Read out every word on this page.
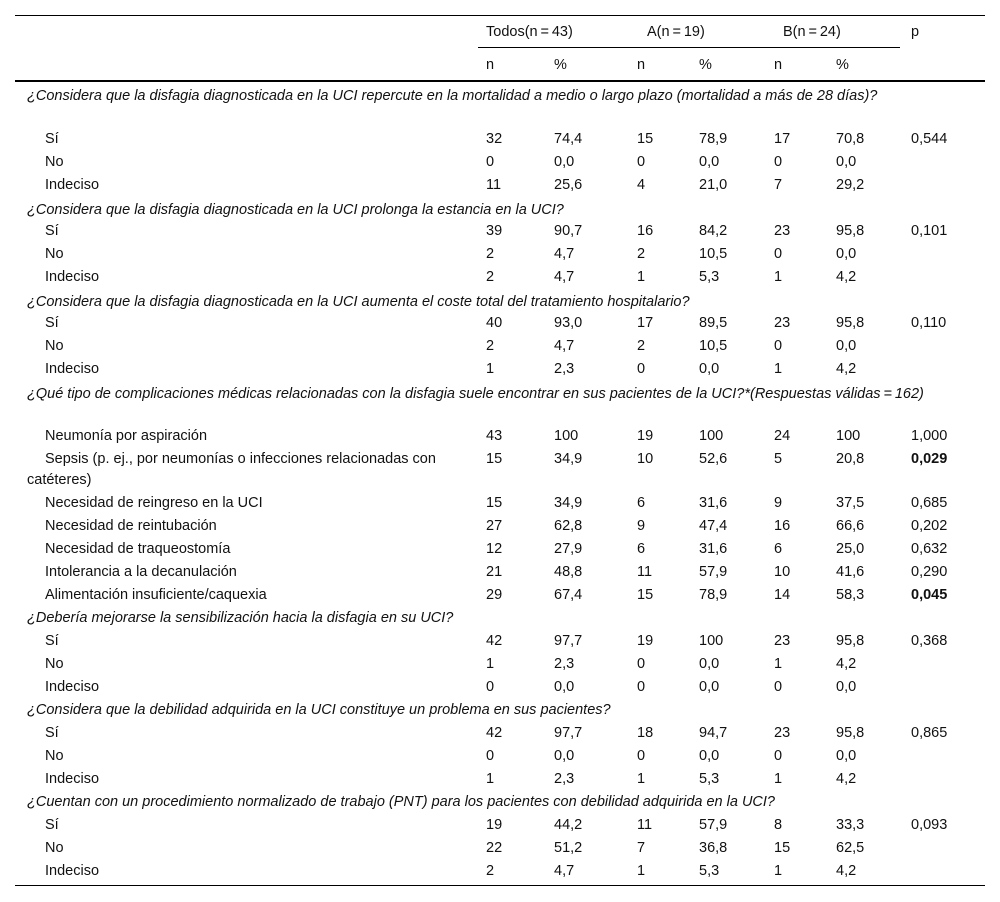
Todos(n = 43)	A(n = 19)	B(n = 24)	p
n	%	n	%	n	%
¿Considera que la disfagia diagnosticada en la UCI repercute en la mortalidad a medio o largo plazo (mortalidad a más de 28 días)?
Sí	32	74,4	15	78,9	17	70,8	0,544
No	0	0,0	0	0,0	0	0,0
Indeciso	11	25,6	4	21,0	7	29,2
¿Considera que la disfagia diagnosticada en la UCI prolonga la estancia en la UCI?
Sí	39	90,7	16	84,2	23	95,8	0,101
No	2	4,7	2	10,5	0	0,0
Indeciso	2	4,7	1	5,3	1	4,2
¿Considera que la disfagia diagnosticada en la UCI aumenta el coste total del tratamiento hospitalario?
Sí	40	93,0	17	89,5	23	95,8	0,110
No	2	4,7	2	10,5	0	0,0
Indeciso	1	2,3	0	0,0	1	4,2
¿Qué tipo de complicaciones médicas relacionadas con la disfagia suele encontrar en sus pacientes de la UCI?*(Respuestas válidas = 162)
Neumonía por aspiración	43	100	19	100	24	100	1,000
Sepsis (p. ej., por neumonías o infecciones relacionadas con catéteres)
15	34,9	10	52,6	5	20,8	0,029
Necesidad de reingreso en la UCI	15	34,9	6	31,6	9	37,5	0,685
Necesidad de reintubación	27	62,8	9	47,4	16	66,6	0,202
Necesidad de traqueostomía	12	27,9	6	31,6	6	25,0	0,632
Intolerancia a la decanulación	21	48,8	11	57,9	10	41,6	0,290
Alimentación insuficiente/caquexia	29	67,4	15	78,9	14	58,3	0,045
¿Debería mejorarse la sensibilización hacia la disfagia en su UCI?
Sí	42	97,7	19	100	23	95,8	0,368
No	1	2,3	0	0,0	1	4,2
Indeciso	0	0,0	0	0,0	0	0,0
¿Considera que la debilidad adquirida en la UCI constituye un problema en sus pacientes?
Sí	42	97,7	18	94,7	23	95,8	0,865
No	0	0,0	0	0,0	0	0,0
Indeciso	1	2,3	1	5,3	1	4,2
¿Cuentan con un procedimiento normalizado de trabajo (PNT) para los pacientes con debilidad adquirida en la UCI?
Sí	19	44,2	11	57,9	8	33,3	0,093
No	22	51,2	7	36,8	15	62,5
Indeciso	2	4,7	1	5,3	1	4,2
